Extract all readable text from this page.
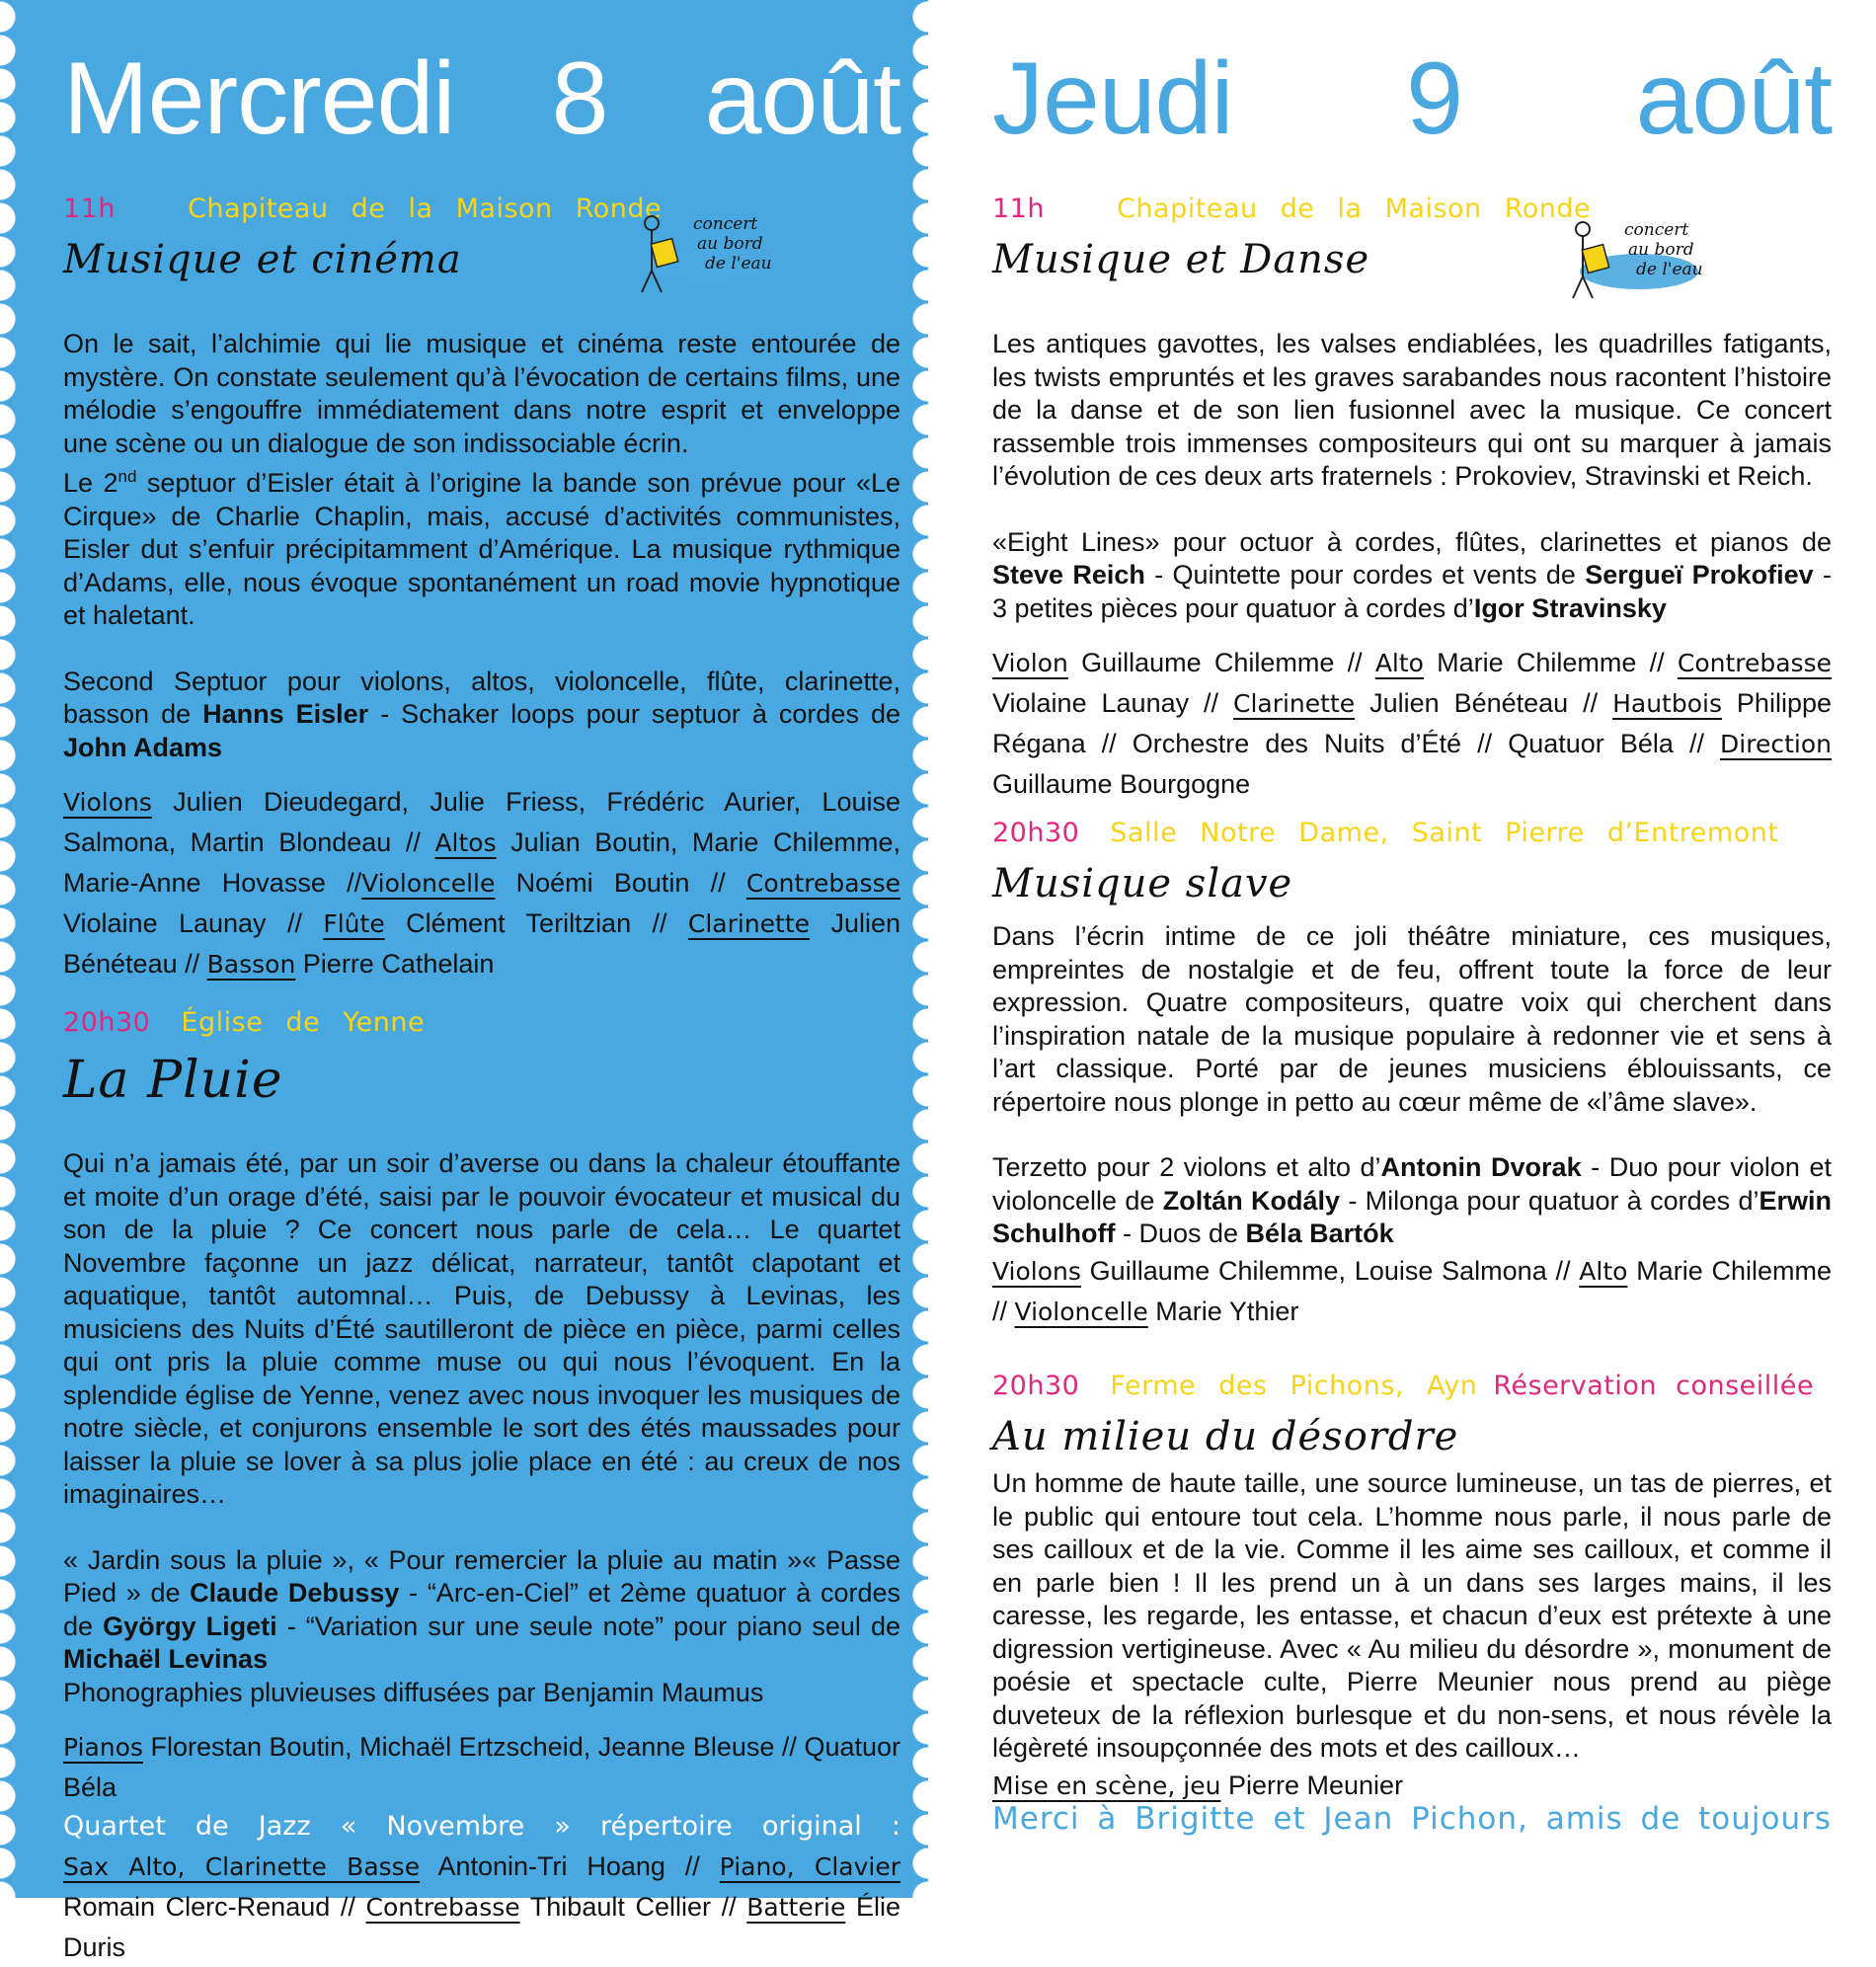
Mercredi 8 août
11h	Chapiteau de la Maison Ronde	concert
au bord
de l'eau
Musique et cinéma

On le sait, l’alchimie qui lie musique et cinéma reste entourée de mystère. On constate seulement qu’à l’évocation de certains films, une mélodie s’engouffre immédiatement dans notre esprit et enveloppe une scène ou un dialogue de son indissociable écrin.
Le 2nd septuor d’Eisler était à l’origine la bande son prévue pour «Le Cirque» de Charlie Chaplin, mais, accusé d’activités communistes, Eisler dut s’enfuir précipitamment d’Amérique. La musique rythmique d’Adams, elle, nous évoque spontanément un road movie hypnotique et haletant.

Second Septuor pour violons, altos, violoncelle, flûte, clarinette, basson de Hanns Eisler - Schaker loops pour septuor à cordes de John Adams

Violons Julien Dieudegard, Julie Friess, Frédéric Aurier, Louise Salmona, Martin Blondeau // Altos Julian Boutin, Marie Chilemme, Marie-Anne Hovasse //Violoncelle Noémi Boutin // Contrebasse Violaine Launay // Flûte Clément Teriltzian // Clarinette Julien Bénéteau // Basson Pierre Cathelain

20h30 Église de Yenne
La Pluie

Qui n’a jamais été, par un soir d’averse ou dans la chaleur étouffante et moite d’un orage d’été, saisi par le pouvoir évocateur et musical du son de la pluie ? Ce concert nous parle de cela… Le quartet Novembre façonne un jazz délicat, narrateur, tantôt clapotant et aquatique, tantôt automnal… Puis, de Debussy à Levinas, les musiciens des Nuits d’Été sautilleront de pièce en pièce, parmi celles qui ont pris la pluie comme muse ou qui nous l’évoquent. En la splendide église de Yenne, venez avec nous invoquer les musiques de notre siècle, et conjurons ensemble le sort des étés maussades pour laisser la pluie se lover à sa plus jolie place en été : au creux de nos imaginaires…

« Jardin sous la pluie », « Pour remercier la pluie au matin »« Passe Pied » de Claude Debussy - “Arc-en-Ciel” et 2ème quatuor à cordes de György Ligeti - “Variation sur une seule note” pour piano seul de Michaël Levinas
Phonographies pluvieuses diffusées par Benjamin Maumus

Pianos Florestan Boutin, Michaël Ertzscheid, Jeanne Bleuse // Quatuor Béla

Quartet de Jazz « Novembre » répertoire original :

Sax Alto, Clarinette Basse Antonin-Tri Hoang // Piano, Clavier Romain Clerc-Renaud // Contrebasse Thibault Cellier // Batterie Élie Duris

Jeudi 9 août
11h	Chapiteau de la Maison Ronde
concert
au bord
de l'eau
Musique et Danse

Les antiques gavottes, les valses endiablées, les quadrilles fatigants, les twists empruntés et les graves sarabandes nous racontent l’histoire de la danse et de son lien fusionnel avec la musique. Ce concert rassemble trois immenses compositeurs qui ont su marquer à jamais l’évolution de ces deux arts fraternels : Prokoviev, Stravinski et Reich.

«Eight Lines» pour octuor à cordes, flûtes, clarinettes et pianos de Steve Reich - Quintette pour cordes et vents de Sergueï Prokofiev - 3 petites pièces pour quatuor à cordes d’Igor Stravinsky

Violon Guillaume Chilemme // Alto Marie Chilemme // Contrebasse Violaine Launay // Clarinette Julien Bénéteau // Hautbois Philippe Régana // Orchestre des Nuits d’Été // Quatuor Béla // Direction Guillaume Bourgogne

20h30 Salle Notre Dame, Saint Pierre d’Entremont
Musique slave

Dans l’écrin intime de ce joli théâtre miniature, ces musiques, empreintes de nostalgie et de feu, offrent toute la force de leur expression. Quatre compositeurs, quatre voix qui cherchent dans l’inspiration natale de la musique populaire à redonner vie et sens à l’art classique. Porté par de jeunes musiciens éblouissants, ce répertoire nous plonge in petto au cœur même de «l’âme slave».

Terzetto pour 2 violons et alto d’Antonin Dvorak - Duo pour violon et violoncelle de Zoltán Kodály - Milonga pour quatuor à cordes d’Erwin Schulhoff - Duos de Béla Bartók

Violons Guillaume Chilemme, Louise Salmona // Alto Marie Chilemme // Violoncelle Marie Ythier

20h30 Ferme des Pichons, Ayn Réservation conseillée
Au milieu du désordre

Un homme de haute taille, une source lumineuse, un tas de pierres, et le public qui entoure tout cela. L’homme nous parle, il nous parle de ses cailloux et de la vie. Comme il les aime ses cailloux, et comme il en parle bien ! Il les prend un à un dans ses larges mains, il les caresse, les regarde, les entasse, et chacun d’eux est prétexte à une digression vertigineuse. Avec « Au milieu du désordre », monument de poésie et spectacle culte, Pierre Meunier nous prend au piège duveteux de la réflexion burlesque et du non-sens, et nous révèle la légèreté insoupçonnée des mots et des cailloux…

Mise en scène, jeu Pierre Meunier

Merci à Brigitte et Jean Pichon, amis de toujours
